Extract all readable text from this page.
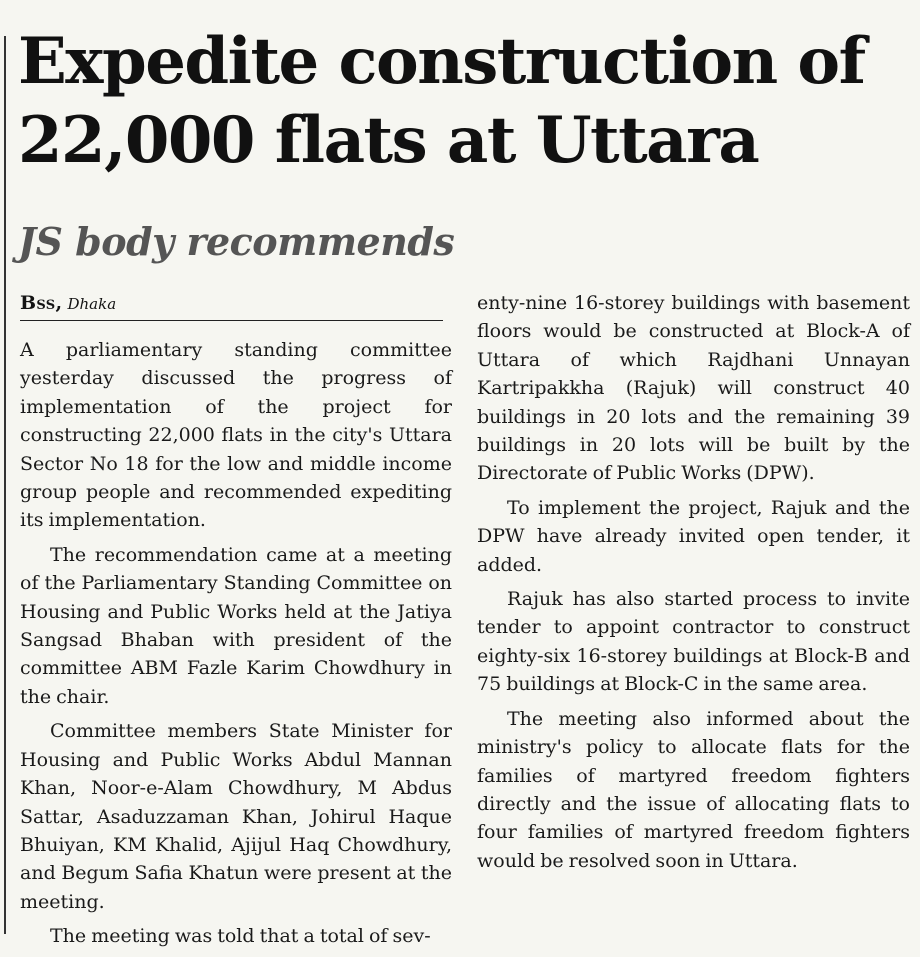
Expedite construction of
22,000 flats at Uttara
JS body recommends
Bss, Dhaka

A parliamentary standing committee yesterday discussed the progress of implementation of the project for constructing 22,000 flats in the city's Uttara Sector No 18 for the low and middle income group people and recommended expediting its implementation.

The recommendation came at a meeting of the Parliamentary Standing Committee on Housing and Public Works held at the Jatiya Sangsad Bhaban with president of the committee ABM Fazle Karim Chowdhury in the chair.

Committee members State Minister for Housing and Public Works Abdul Mannan Khan, Noor-e-Alam Chowdhury, M Abdus Sattar, Asaduzzaman Khan, Johirul Haque Bhuiyan, KM Khalid, Ajijul Haq Chowdhury, and Begum Safia Khatun were present at the meeting.

The meeting was told that a total of sev-

enty-nine 16-storey buildings with basement floors would be constructed at Block-A of Uttara of which Rajdhani Unnayan Kartripakkha (Rajuk) will construct 40 buildings in 20 lots and the remaining 39 buildings in 20 lots will be built by the Directorate of Public Works (DPW).

To implement the project, Rajuk and the DPW have already invited open tender, it added.

Rajuk has also started process to invite tender to appoint contractor to construct eighty-six 16-storey buildings at Block-B and 75 buildings at Block-C in the same area.

The meeting also informed about the ministry's policy to allocate flats for the families of martyred freedom fighters directly and the issue of allocating flats to four families of martyred freedom fighters would be resolved soon in Uttara.
